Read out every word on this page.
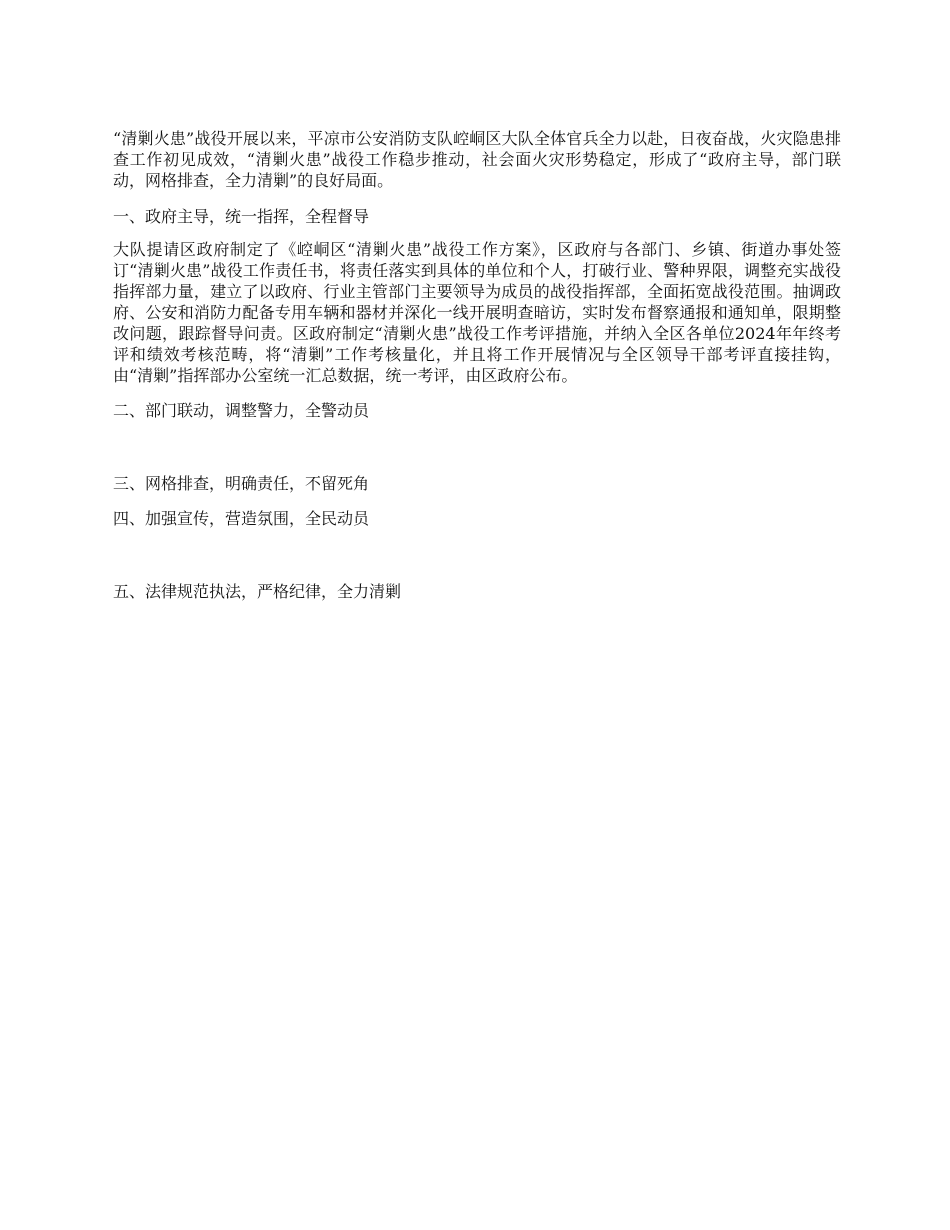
“清剿火患”战役开展以来，平凉市公安消防支队崆峒区大队全体官兵全力以赴，日夜奋战，火灾隐患排查工作初见成效，“清剿火患”战役工作稳步推动，社会面火灾形势稳定，形成了“政府主导，部门联动，网格排查，全力清剿”的良好局面。

一、政府主导，统一指挥，全程督导

大队提请区政府制定了《崆峒区“清剿火患”战役工作方案》，区政府与各部门、乡镇、街道办事处签订“清剿火患”战役工作责任书，将责任落实到具体的单位和个人，打破行业、警种界限，调整充实战役指挥部力量，建立了以政府、行业主管部门主要领导为成员的战役指挥部，全面拓宽战役范围。抽调政府、公安和消防力配备专用车辆和器材并深化一线开展明查暗访，实时发布督察通报和通知单，限期整改问题，跟踪督导问责。区政府制定“清剿火患”战役工作考评措施，并纳入全区各单位2024年年终考评和绩效考核范畴，将“清剿”工作考核量化，并且将工作开展情况与全区领导干部考评直接挂钩，由“清剿”指挥部办公室统一汇总数据，统一考评，由区政府公布。

二、部门联动，调整警力，全警动员
三、网格排查，明确责任，不留死角
四、加强宣传，营造氛围，全民动员
五、法律规范执法，严格纪律，全力清剿
